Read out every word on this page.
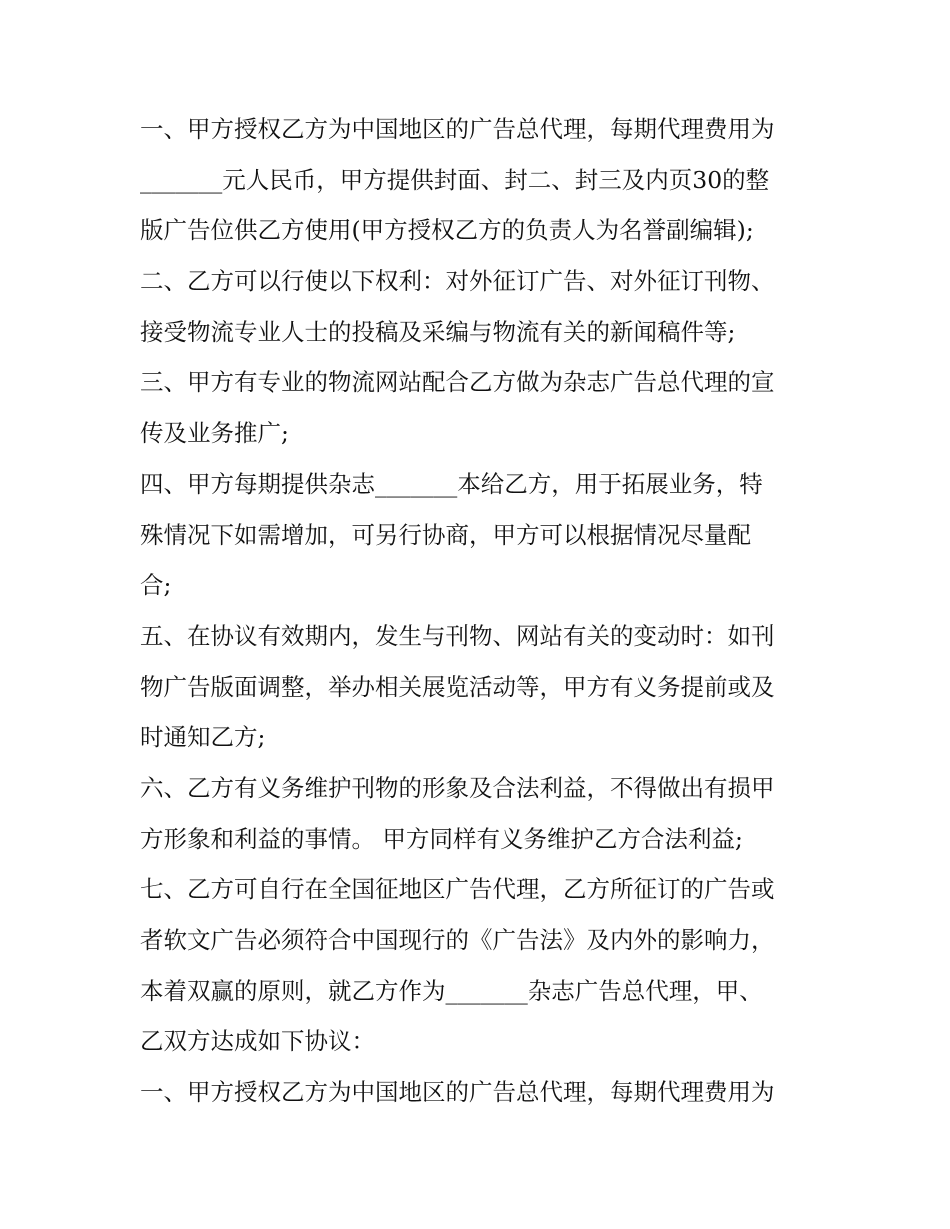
一、甲方授权乙方为中国地区的广告总代理，每期代理费用为

_______元人民币，甲方提供封面、封二、封三及内页30的整

版广告位供乙方使用(甲方授权乙方的负责人为名誉副编辑);

二、乙方可以行使以下权利：对外征订广告、对外征订刊物、

接受物流专业人士的投稿及采编与物流有关的新闻稿件等;

三、甲方有专业的物流网站配合乙方做为杂志广告总代理的宣

传及业务推广;

四、甲方每期提供杂志_______本给乙方，用于拓展业务，特

殊情况下如需增加，可另行协商，甲方可以根据情况尽量配

合;

五、在协议有效期内，发生与刊物、网站有关的变动时：如刊

物广告版面调整，举办相关展览活动等，甲方有义务提前或及

时通知乙方;

六、乙方有义务维护刊物的形象及合法利益，不得做出有损甲

方形象和利益的事情。 甲方同样有义务维护乙方合法利益;

七、乙方可自行在全国征地区广告代理，乙方所征订的广告或

者软文广告必须符合中国现行的《广告法》及内外的影响力，

本着双赢的原则，就乙方作为_______杂志广告总代理，甲、

乙双方达成如下协议：

一、甲方授权乙方为中国地区的广告总代理，每期代理费用为
